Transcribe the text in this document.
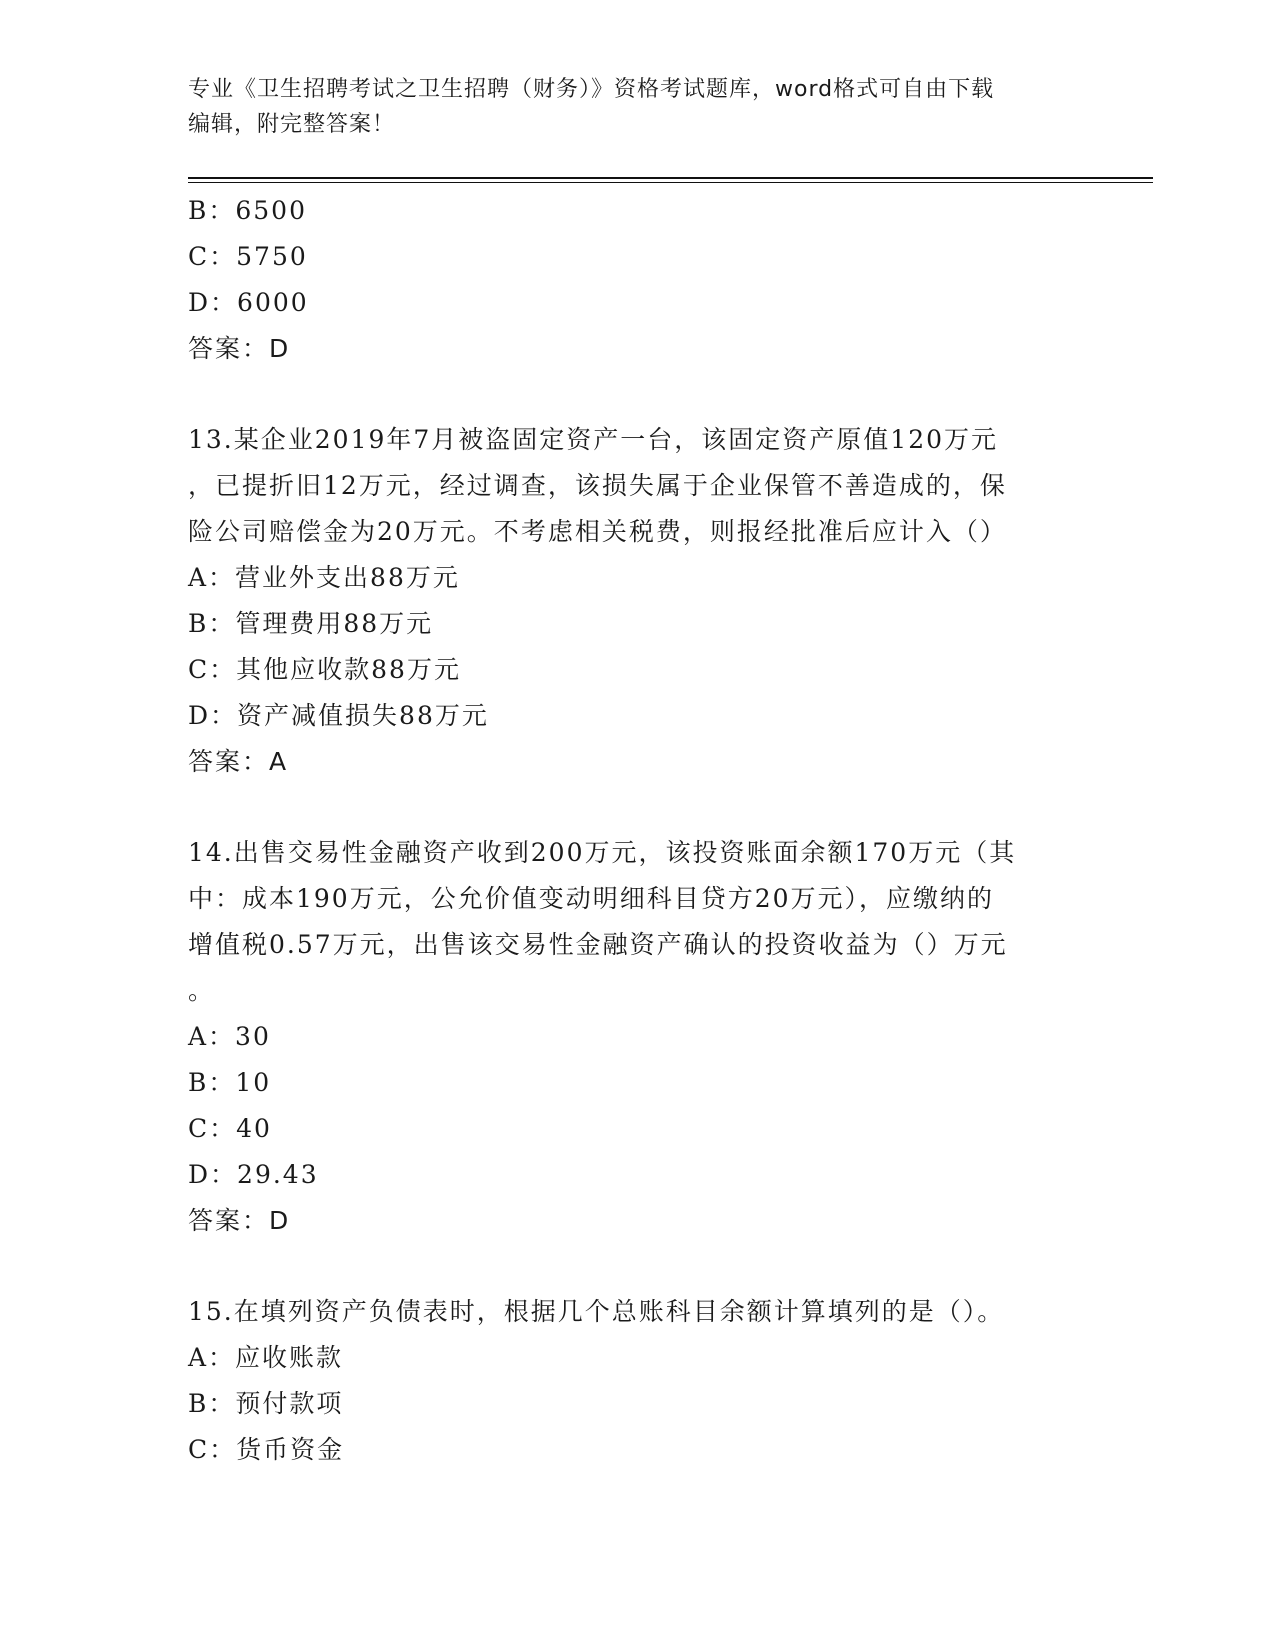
专业《卫生招聘考试之卫生招聘（财务）》资格考试题库，word格式可自由下载
编辑，附完整答案！
B：6500
C：5750
D：6000
答案：D
13.某企业2019年7月被盗固定资产一台，该固定资产原值120万元
，已提折旧12万元，经过调查，该损失属于企业保管不善造成的，保
险公司赔偿金为20万元。不考虑相关税费，则报经批准后应计入（）
A：营业外支出88万元
B：管理费用88万元
C：其他应收款88万元
D：资产减值损失88万元
答案：A
14.出售交易性金融资产收到200万元，该投资账面余额170万元（其
中：成本190万元，公允价值变动明细科目贷方20万元），应缴纳的
增值税0.57万元，出售该交易性金融资产确认的投资收益为（）万元
。
A：30
B：10
C：40
D：29.43
答案：D
15.在填列资产负债表时，根据几个总账科目余额计算填列的是（）。
A：应收账款
B：预付款项
C：货币资金
